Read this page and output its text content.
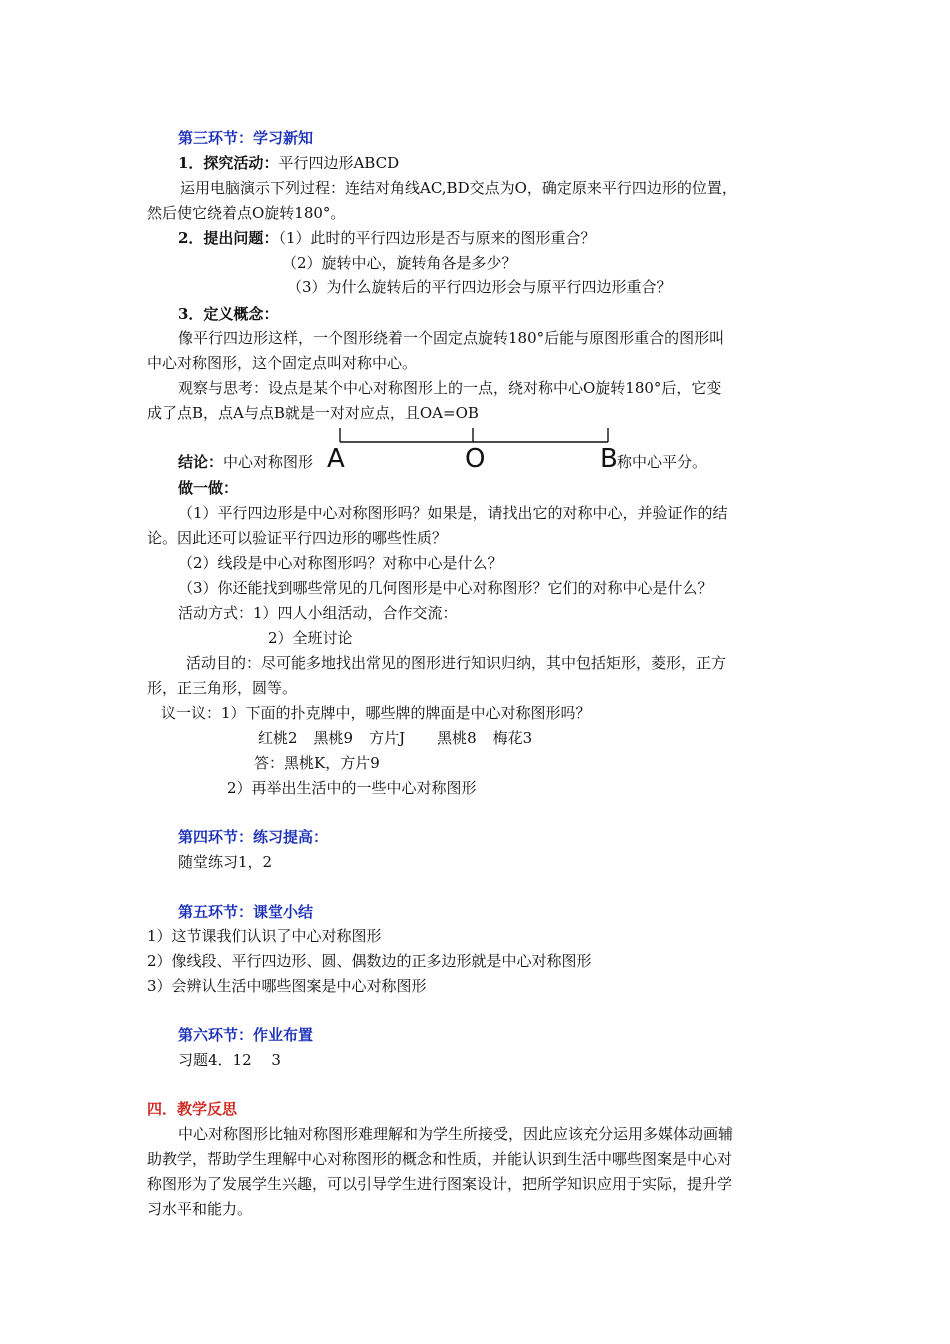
第三环节：学习新知
1．探究活动：平行四边形ABCD
运用电脑演示下列过程：连结对角线AC,BD交点为O，确定原来平行四边形的位置，
然后使它绕着点O旋转180°。
2．提出问题：（1）此时的平行四边形是否与原来的图形重合？
（2）旋转中心，旋转角各是多少？
（3）为什么旋转后的平行四边形会与原平行四边形重合？
3．定义概念：
像平行四边形这样，一个图形绕着一个固定点旋转180°后能与原图形重合的图形叫
中心对称图形，这个固定点叫对称中心。
观察与思考：设点是某个中心对称图形上的一点，绕对称中心O旋转180°后，它变
成了点B，点A与点B就是一对对应点，且OA=OB
结论：中心对称图形	称中心平分。
A	O	B
做一做：
（1）平行四边形是中心对称图形吗？如果是，请找出它的对称中心，并验证作的结
论。因此还可以验证平行四边形的哪些性质？
（2）线段是中心对称图形吗？对称中心是什么？
（3）你还能找到哪些常见的几何图形是中心对称图形？它们的对称中心是什么？
活动方式：1）四人小组活动，合作交流：
2）全班讨论
活动目的：尽可能多地找出常见的图形进行知识归纳，其中包括矩形，菱形，正方
形，正三角形，圆等。
议一议：1）下面的扑克牌中，哪些牌的牌面是中心对称图形吗？
红桃2 黑桃9 方片J 黑桃8 梅花3
答：黑桃K，方片9
2）再举出生活中的一些中心对称图形
第四环节：练习提高：
随堂练习1，2
第五环节：课堂小结
1）这节课我们认识了中心对称图形
2）像线段、平行四边形、圆、偶数边的正多边形就是中心对称图形
3）会辨认生活中哪些图案是中心对称图形
第六环节：作业布置
习题4．12　 3
四．教学反思
中心对称图形比轴对称图形难理解和为学生所接受，因此应该充分运用多媒体动画辅
助教学，帮助学生理解中心对称图形的概念和性质，并能认识到生活中哪些图案是中心对
称图形为了发展学生兴趣，可以引导学生进行图案设计，把所学知识应用于实际，提升学
习水平和能力。
